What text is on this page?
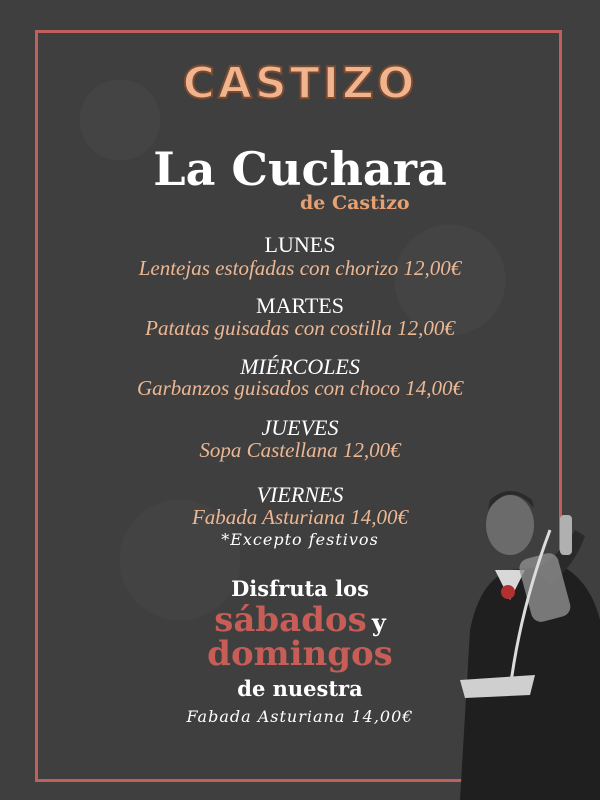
CASTIZO
La Cuchara
de Castizo
LUNES
Lentejas estofadas con chorizo 12,00€
MARTES
Patatas guisadas con costilla 12,00€
MIÉRCOLES
Garbanzos guisados con choco 14,00€
JUEVES
Sopa Castellana 12,00€
VIERNES
Fabada Asturiana 14,00€
*Excepto festivos
Disfruta los
sábados y
domingos
de nuestra
Fabada Asturiana 14,00€
